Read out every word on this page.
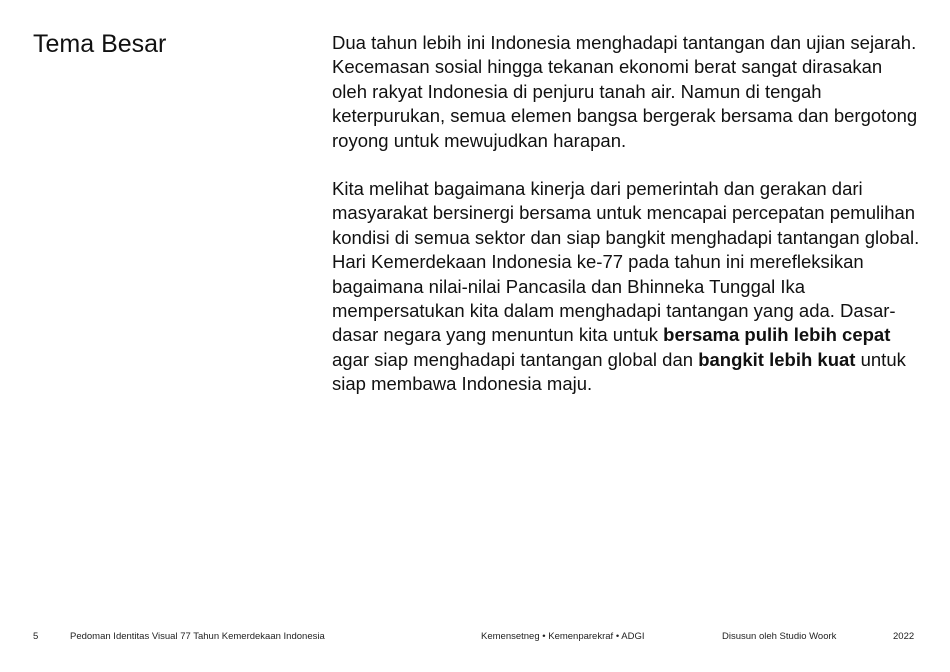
Tema Besar	Dua tahun lebih ini Indonesia menghadapi tantangan dan ujian sejarah. Kecemasan sosial hingga tekanan ekonomi berat sangat dirasakan oleh rakyat Indonesia di penjuru tanah air. Namun di tengah keterpurukan, semua elemen bangsa bergerak bersama dan bergotong royong untuk mewujudkan harapan.

Kita melihat bagaimana kinerja dari pemerintah dan gerakan dari masyarakat bersinergi bersama untuk mencapai percepatan pemulihan kondisi di semua sektor dan siap bangkit menghadapi tantangan global. Hari Kemerdekaan Indonesia ke-77 pada tahun ini merefleksikan bagaimana nilai-nilai Pancasila dan Bhinneka Tunggal Ika mempersatukan kita dalam menghadapi tantangan yang ada. Dasar-dasar negara yang menuntun kita untuk bersama pulih lebih cepat agar siap menghadapi tantangan global dan bangkit lebih kuat untuk siap membawa Indonesia maju.

5	Pedoman Identitas Visual 77 Tahun Kemerdekaan Indonesia	Kemensetneg • Kemenparekraf • ADGI	Disusun oleh Studio Woork	2022
